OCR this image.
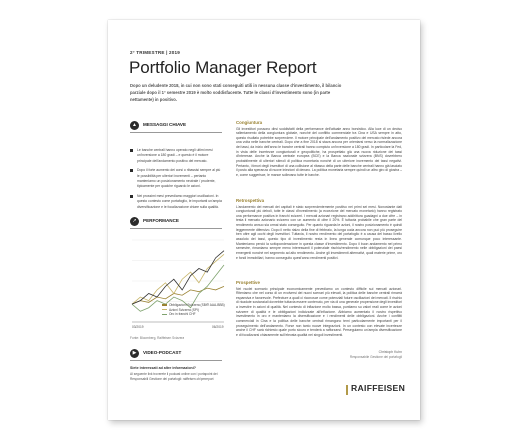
2° TRIMESTRE | 2019
Portfolio Manager Report
Dopo un deludente 2018, in cui non sono stati conseguiti utili in nessuna classe d'investimento, il bilancio parziale dopo il 1° semestre 2019 è molto soddisfacente. Tutte le classi d'investimento sono (in parte nettamente) in positivo.
▲	MESSAGGI CHIAVE
Le banche centrali hanno operato negli ultimi mesi un'inversione a 180 gradi – e questo è il motore principale dell'andamento positivo del mercato.
Dopo il forte aumento dei corsi o ribassisi sempre al più le possibilità per ulteriori incrementi – pertanto manteniamo un posizionamento neutrale / prudente, tipicamente per qualche riguardo le azioni.
Nei prossimi mesi prevediamo maggiori oscillazioni. In questo contesto come portafoglio, le importanti un'ampia diversificazione e le focalizzazione chiare sulla qualità.
↗	PERFORMANCE
03/2019	06/2019
Obbligazioni Svizzera (SBI® AAA-BBB)
Azioni Svizzera (SPI)
Oro in franchi CHF
Fonte: Bloomberg, Raiffeisen Svizzera
▶	VIDEO-PODCAST
Siete interessati ad altre informazioni?
Al seguente link troverete il podcast online con i portapoint dei Responsabili Gestione dei portafogli: raiffeisen.ch/pmreport
Congiuntura
Gli investitori possono dirsi soddisfatti della performance dell'attuale anno borsistico. Alla luce di un deciso rallentamento della congiuntura globale, nonché del conflitto commerciale tra Cina e USA sempre in atto, questo risultato potrebbe sorprendere. Il motore principale dell'andamento positivo del mercato risiede ancora una volta nelle banche centrali. Dopo che a fine 2018 si stava ancora per orientarsi verso la normalizzazione dei tassi, da inizio dell'anno le banche centrali hanno compiuto un'inversione a 180 gradi. In particolare la Fed, in vista delle incertezze congiunturali e geopolitiche, ha prospettato già una nuova riduzione dei tassi d'interesse. Anche la Banca centrale europea (BCE) e la Banca nazionale svizzera (BNS) dovrebbero probabilmente di ulteriori stimoli di politica monetaria nonché di un ulteriore incremento dei tassi negativi. Pertanto, i timori degli investitori di una collisione al ribasso della parte delle banche centrali hanno già lasciato il posto alla speranza di nuove iniezioni di denaro. La politica monetaria sempre quindi un altro giro di giostra – e, come suggerisce, le mance sollevano tutte le barche.
Retrospettiva
L'andamento dei mercati dei capitali è stato sorprendentemente positivo nei primi sei mesi. Nonostante dati congiunturali più deboli, tutte le classi d'investimento (a eccezione del mercato monetario) hanno registrato una performance positiva in franchi svizzeri. I mercati azionari registrano addirittura guadagni a due cifre – in testa il mercato azionario svizzero con un aumento di oltre il 20%. È tuttavia probabile che gran parte del rendimento annuo sia ormai stato conseguito. Per quanto riguarda le azioni, il nostro posizionamento è quindi leggermente difensivo. Dopo il netto rialzo della fine di febbraio, la lunga coda ancora non può più proseguire ben oltre agli occhi degli investitori. Tuttavia, il nostro rendimento del portafoglio è a causa del basso livello assoluto dei tassi, questo tipo di investimento resta in linea generale comunque poco interessante. Manteniamo perciò la sottoponderazione in questa classe d'investimento. Dopo il buon andamento nel primo semestre, rimaniamo sempre meno interessanti il potenziale rischio/rendimento nelle obbligazioni dei paesi emergenti nonché nel segmento ad alto rendimento. Anche gli investimenti alternativi, quali materie prime, oro e fondi immobiliari, hanno conseguito quest'anno rendimenti positivi.
Prospettive
Nei nuclei scenario principale economicamente prevediamo un contesto difficile sui mercati azionari. Riteniamo che nel corso di un evolversi dei nuovi scenari più elevati, la politica delle banche centrali rimarrà espansiva e favorevole. Prefecture a quali ci riconosce come potenziali future oscillazioni dei mercati. Il rischio di ricadute sostanziali dovrebbe tuttavia essere contenuto, per via di una generale propensione degli investitori a investire in azioni di qualità. Nel contesto di inflazione molto bassa, puntiamo su valori reali come le azioni svizzere di qualità e le obbligazioni indicizzate all'inflazione. Abbiamo aumentato il nostro rispettivo investimento in oro e manteniamo la diversificazione e i rendimenti delle obbligazioni. Anche i conflitti commerciali in Cina e la politica delle banche centrali rimangono temi particolarmente importanti per il proseguimento dell'andamento. Forse non tanto nuove integrazioni. In un contesto con elevate incertezze anche il CHF sarà richiesto quale porto sicuro e tenderà a rafforzarsi. Perseguiamo un'ampia diversificazione e di focalizzarsi chiaramente sull'elevata qualità nei singoli investimenti.
Christoph Kuhn
Responsabile Gestione dei portafogli
RAIFFEISEN
